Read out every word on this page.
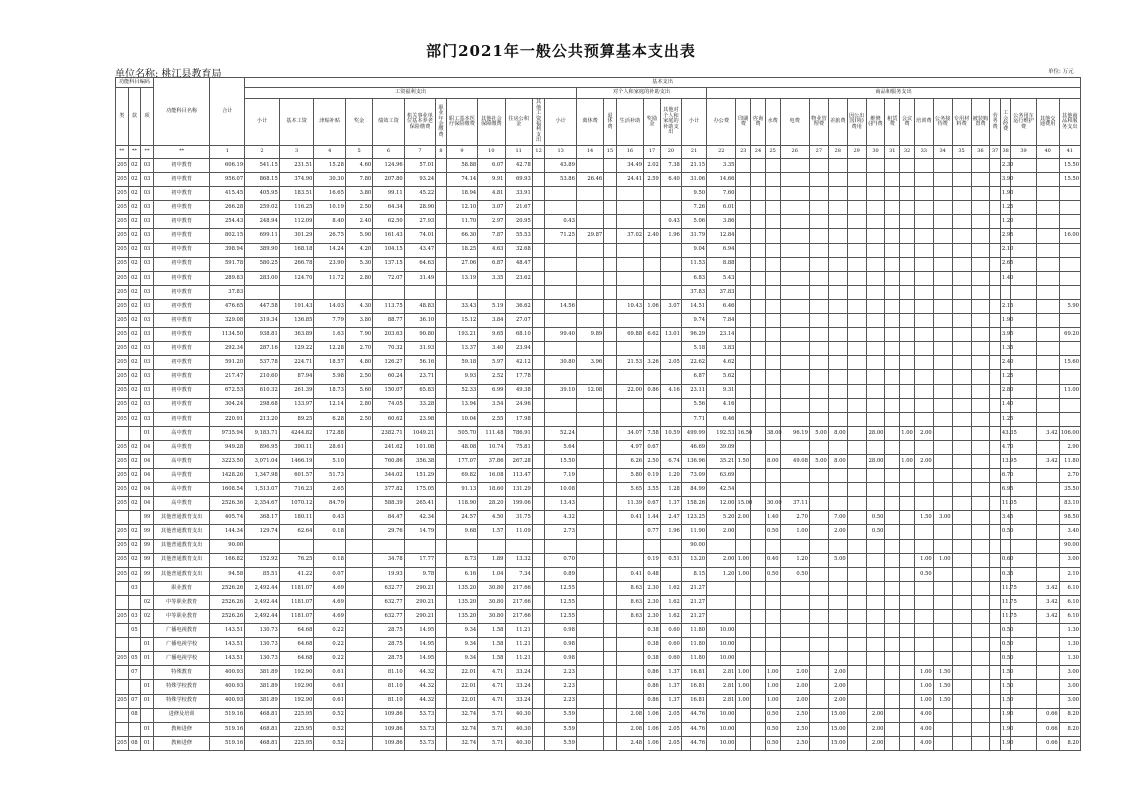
部门2021年一般公共预算基本支出表
单位名称: 桃江县教育局	单位: 万元
功能科目编码			功能科目名称	合计	基本支出																																					
类	款	项			工资福利支出												对个人和家庭的补助支出						商品和服务支出																			
					小计	基本工资	津贴补贴	奖金	绩效工资	机关事业单位基本养老保险缴费	职业年金缴费	职工基本医疗保险缴费	其他社会保障缴费	住房公积金	其他工资福利支出	小计	离休费	退休费	生活补助	奖励金	其他对个人和家庭的补助支出	小计	办公费	印刷费	咨询费	水费	电费	物业管理费	差旅费	因公出国(境)费用	维修(护)费	租赁费	会议费	培训费	公务接待费	专用材料费	被装购置费	劳务费	工会经费	公务用车运行维护费	其他交通费用	其他商品和服务支出
**	**	**	**	1	2	3	4	5	6	7	8	9	10	11	12	13	14	15	16	17	20	21	22	23	24	25	26	27	28	29	30	31	32	33	34	35	36	37	38	39	40	41
205	02	03	初中教育	606.19	541.15	231.51	15.28	4.60	124.96	57.01		58.88	6.07	42.78		43.89			34.49	2.02	7.38	21.15	3.35																2.30			15.50
205	02	03	初中教育	956.07	868.15	374.90	30.30	7.80	207.80	93.24		74.14	9.91	69.93		53.86	26.46		24.41	2.59	6.40	31.06	14.66																3.90			15.50
205	02	03	初中教育	415.45	405.95	183.51	16.65	3.80	99.11	45.22		18.94	4.81	33.91								9.50	7.60																1.90			
205	02	03	初中教育	266.28	259.02	116.25	10.19	2.50	64.34	28.90		12.10	3.07	21.67								7.26	6.01																1.25			
205	02	03	初中教育	254.43	248.94	112.09	8.40	2.40	62.50	27.93		11.70	2.97	20.95		0.43					0.43	5.06	3.86																1.20			
205	02	03	初中教育	802.15	699.11	301.29	26.75	5.90	161.43	74.01		66.30	7.87	55.53		71.25	29.87		37.02	2.40	1.96	31.79	12.84																2.95			16.00
205	02	03	初中教育	398.94	389.90	168.18	14.24	4.20	104.15	43.47		18.25	4.63	32.68								9.04	6.94																2.10			
205	02	03	初中教育	591.78	580.25	266.78	23.90	5.30	137.15	64.63		27.06	6.87	48.47								11.53	8.88																2.65			
205	02	03	初中教育	289.83	283.00	124.70	11.72	2.80	72.07	31.49		13.19	3.35	23.62								6.83	5.43																1.40			
205	02	03	初中教育	37.83																		37.83	37.83																			
205	02	03	初中教育	476.65	447.58	191.43	14.03	4.30	113.75	48.83		33.43	5.19	36.62		14.56			10.43	1.06	3.07	14.51	6.46																2.15			5.90
205	02	03	初中教育	329.08	319.34	136.85	7.79	3.80	88.77	36.10		15.12	3.84	27.07								9.74	7.84																1.90			
205	02	03	初中教育	1134.50	938.81	363.89	1.63	7.90	203.63	90.80		193.21	9.65	68.10		99.40	9.89		69.88	6.62	13.01	96.29	23.14																3.95			69.20
205	02	03	初中教育	292.34	287.16	129.22	12.28	2.70	70.32	31.93		13.37	3.40	23.94								5.18	3.83																1.35			
205	02	03	初中教育	591.20	537.78	224.71	18.57	4.80	126.27	56.16		59.18	5.97	42.12		30.80	3.96		21.53	3.26	2.05	22.62	4.62																2.40			15.60
205	02	03	初中教育	217.47	210.60	87.94	5.98	2.50	60.24	23.71		9.93	2.52	17.78								6.87	5.62																1.25			
205	02	03	初中教育	672.53	610.32	261.39	18.73	5.60	150.07	65.83		52.33	6.99	49.38		39.10	12.08		22.00	0.86	4.16	23.11	9.31																2.80			11.00
205	02	03	初中教育	304.24	298.68	133.97	12.14	2.80	74.05	33.28		13.94	3.54	24.96								5.56	4.16																1.40			
205	02	03	初中教育	220.91	213.20	89.25	6.28	2.50	60.62	23.98		10.04	2.55	17.98								7.71	6.46																1.25			
		01	高中教育	9735.94	9,183.71	4244.82	172.88		2382.71	1049.21		505.70	111.48	786.91		52.24			34.07	7.58	10.59	499.99	192.53	16.50		38.00	96.19	5.00	8.00		28.00		1.00	2.00					43.35		3.42	106.00
205	02	04	高中教育	949.28	896.95	390.11	28.61		241.62	101.08		48.08	10.74	75.81		5.64			4.97	0.67		46.69	39.09																4.70			2.90
205	02	04	高中教育	3223.50	3,071.04	1466.19	5.10		760.86	356.38		177.07	37.86	267.28		15.50			6.26	2.50	6.74	136.96	35.21	1.50		8.00	49.08	5.00	8.00		28.00		1.00	2.00					13.95		3.42	11.80
205	02	04	高中教育	1428.26	1,347.98	601.57	51.73		344.02	151.29		69.82	16.08	113.47		7.19			5.80	0.19	1.20	73.09	63.69																6.70			2.70
205	02	04	高中教育	1608.54	1,513.07	716.23	2.65		377.82	175.05		91.13	18.60	131.29		10.08			5.65	3.55	1.28	84.99	42.54																6.95			35.50
205	02	04	高中教育	2526.36	2,354.67	1070.12	84.79		588.39	265.41		118.90	28.20	199.06		13.43			11.39	0.67	1.37	158.26	12.00	15.00		30.00	37.11												11.05			83.10
		99	其他普通教育支出	405.74	368.17	180.11	0.43		84.47	42.34		24.57	4.50	31.75		4.32			0.41	1.44	2.47	123.25	5.20	2.00		1.40	2.70		7.00		0.50			1.50	3.00				3.45			98.50
205	02	99	其他普通教育支出	144.34	129.74	62.64	0.18		29.76	14.79		9.68	1.57	11.09		2.73				0.77	1.96	11.90	2.00			0.50	1.00		2.00		0.50								0.50			3.40
205	02	99	其他普通教育支出	90.00																		90.00																				90.00
205	02	99	其他普通教育支出	166.82	152.92	76.25	0.18		34.78	17.77		8.73	1.89	13.32		0.70				0.19	0.51	13.20	2.00	1.00		0.40	1.20		5.00					1.00	1.00				0.60			3.00
205	02	99	其他普通教育支出	94.58	85.51	41.22	0.07		19.93	9.78		6.16	1.04	7.34		0.89			0.41	0.48		8.15	1.20	1.00		0.50	0.50							0.50					0.35			2.10
	03		职业教育	2526.26	2,492.44	1181.07	4.69		632.77	290.21		135.20	30.80	217.66		12.55			8.63	2.30	1.62	21.27																	11.75		3.42	6.10
		02	中等职业教育	2526.26	2,492.44	1181.07	4.69		632.77	290.21		135.20	30.80	217.66		12.55			8.63	2.30	1.62	21.27																	11.75		3.42	6.10
205	03	02	中等职业教育	2526.26	2,492.44	1181.07	4.69		632.77	290.21		135.20	30.80	217.66		12.55			8.63	2.30	1.62	21.27																	11.75		3.42	6.10
	05		广播电视教育	143.51	130.73	64.68	0.22		28.75	14.95		9.34	1.58	11.21		0.98				0.38	0.60	11.80	10.00																0.50			1.30
		01	广播电视学校	143.51	130.73	64.68	0.22		28.75	14.95		9.34	1.58	11.21		0.98				0.38	0.60	11.80	10.00																0.50			1.30
205	05	01	广播电视学校	143.51	130.73	64.68	0.22		28.75	14.95		9.34	1.58	11.21		0.98				0.38	0.60	11.80	10.00																0.50			1.30
	07		特殊教育	400.93	381.89	192.90	0.61		81.10	44.32		22.01	4.71	33.24		2.23				0.86	1.37	16.81	2.81	1.00		1.00	2.00		2.00					1.00	1.50				1.50			3.00
		01	特殊学校教育	400.93	381.89	192.90	0.61		81.10	44.32		22.01	4.71	33.24		2.23				0.86	1.37	16.81	2.81	1.00		1.00	2.00		2.00					1.00	1.50				1.50			3.00
205	07	01	特殊学校教育	400.93	381.89	192.90	0.61		81.10	44.32		22.01	4.71	33.24		2.23				0.86	1.37	16.81	2.81	1.00		1.00	2.00		2.00					1.00	1.50				1.50			3.00
	08		进修及培训	519.16	468.81	225.95	0.52		109.86	53.73		32.74	5.71	40.30		5.59			2.08	1.06	2.05	44.76	10.00			0.50	2.50		15.00		2.00			4.00					1.90		0.66	8.20
		01	教师进修	519.16	468.81	225.95	0.52		109.86	53.73		32.74	5.71	40.30		5.59			2.08	1.06	2.05	44.76	10.00			0.50	2.50		15.00		2.00			4.00					1.90		0.66	8.20
205	08	01	教师进修	519.16	468.81	225.95	0.52		109.86	53.73		32.74	5.71	40.30		5.59			2.48	1.06	2.05	44.76	10.00			0.50	2.50		15.00		2.00			4.00					1.90		0.66	8.20
